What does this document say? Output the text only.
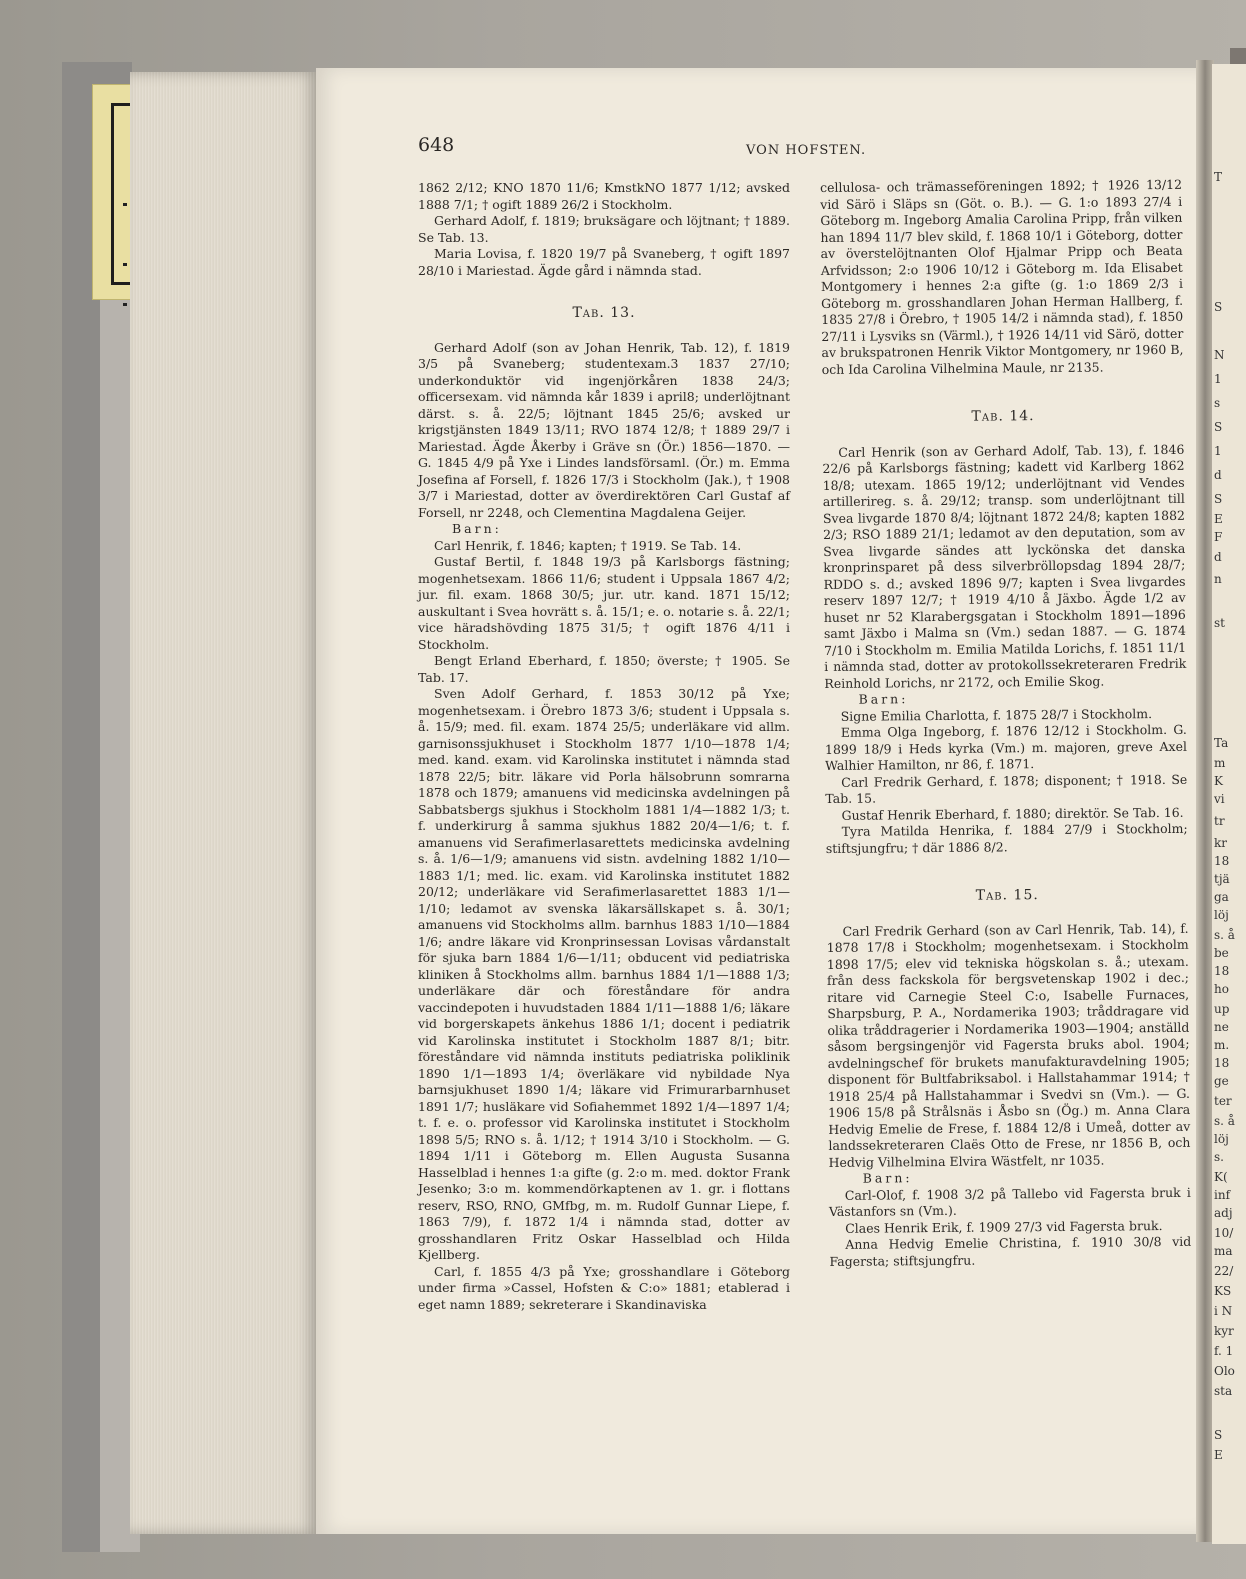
648	VON HOFSTEN.

1862 2/12; KNO 1870 11/6; KmstkNO 1877 1/12; avsked 1888 7/1; † ogift 1889 26/2 i Stockholm.

Gerhard Adolf, f. 1819; bruksägare och löjtnant; † 1889. Se Tab. 13.

Maria Lovisa, f. 1820 19/7 på Svaneberg, † ogift 1897 28/10 i Mariestad. Ägde gård i nämnda stad.

Tab. 13.

Gerhard Adolf (son av Johan Henrik, Tab. 12), f. 1819 3/5 på Svaneberg; studentexam.3 1837 27/10; underkonduktör vid ingenjörkåren 1838 24/3; officersexam. vid nämnda kår 1839 i april8; underlöjtnant därst. s. å. 22/5; löjtnant 1845 25/6; avsked ur krigstjänsten 1849 13/11; RVO 1874 12/8; † 1889 29/7 i Mariestad. Ägde Åkerby i Gräve sn (Ör.) 1856—1870. — G. 1845 4/9 på Yxe i Lindes landsförsaml. (Ör.) m. Emma Josefina af Forsell, f. 1826 17/3 i Stockholm (Jak.), † 1908 3/7 i Mariestad, dotter av överdirektören Carl Gustaf af Forsell, nr 2248, och Clementina Magdalena Geijer.

Barn:

Carl Henrik, f. 1846; kapten; † 1919. Se Tab. 14.

Gustaf Bertil, f. 1848 19/3 på Karlsborgs fästning; mogenhetsexam. 1866 11/6; student i Uppsala 1867 4/2; jur. fil. exam. 1868 30/5; jur. utr. kand. 1871 15/12; auskultant i Svea hovrätt s. å. 15/1; e. o. notarie s. å. 22/1; vice häradshövding 1875 31/5; † ogift 1876 4/11 i Stockholm.

Bengt Erland Eberhard, f. 1850; överste; † 1905. Se Tab. 17.

Sven Adolf Gerhard, f. 1853 30/12 på Yxe; mogenhetsexam. i Örebro 1873 3/6; student i Uppsala s. å. 15/9; med. fil. exam. 1874 25/5; underläkare vid allm. garnisonssjukhuset i Stockholm 1877 1/10—1878 1/4; med. kand. exam. vid Karolinska institutet i nämnda stad 1878 22/5; bitr. läkare vid Porla hälsobrunn somrarna 1878 och 1879; amanuens vid medicinska avdelningen på Sabbatsbergs sjukhus i Stockholm 1881 1/4—1882 1/3; t. f. underkirurg å samma sjukhus 1882 20/4—1/6; t. f. amanuens vid Serafimerlasarettets medicinska avdelning s. å. 1/6—1/9; amanuens vid sistn. avdelning 1882 1/10—1883 1/1; med. lic. exam. vid Karolinska institutet 1882 20/12; underläkare vid Serafimerlasarettet 1883 1/1—1/10; ledamot av svenska läkarsällskapet s. å. 30/1; amanuens vid Stockholms allm. barnhus 1883 1/10—1884 1/6; andre läkare vid Kronprinsessan Lovisas vårdanstalt för sjuka barn 1884 1/6—1/11; obducent vid pediatriska kliniken å Stockholms allm. barnhus 1884 1/1—1888 1/3; underläkare där och föreståndare för andra vaccindepoten i huvudstaden 1884 1/11—1888 1/6; läkare vid borgerskapets änkehus 1886 1/1; docent i pediatrik vid Karolinska institutet i Stockholm 1887 8/1; bitr. föreståndare vid nämnda instituts pediatriska poliklinik 1890 1/1—1893 1/4; överläkare vid nybildade Nya barnsjukhuset 1890 1/4; läkare vid Frimurarbarnhuset 1891 1/7; husläkare vid Sofiahemmet 1892 1/4—1897 1/4; t. f. e. o. professor vid Karolinska institutet i Stockholm 1898 5/5; RNO s. å. 1/12; † 1914 3/10 i Stockholm. — G. 1894 1/11 i Göteborg m. Ellen Augusta Susanna Hasselblad i hennes 1:a gifte (g. 2:o m. med. doktor Frank Jesenko; 3:o m. kommendörkaptenen av 1. gr. i flottans reserv, RSO, RNO, GMfbg, m. m. Rudolf Gunnar Liepe, f. 1863 7/9), f. 1872 1/4 i nämnda stad, dotter av grosshandlaren Fritz Oskar Hasselblad och Hilda Kjellberg.

Carl, f. 1855 4/3 på Yxe; grosshandlare i Göteborg under firma »Cassel, Hofsten & C:o» 1881; etablerad i eget namn 1889; sekreterare i Skandinaviska

cellulosa- och trämasseföreningen 1892; † 1926 13/12 vid Särö i Släps sn (Göt. o. B.). — G. 1:o 1893 27/4 i Göteborg m. Ingeborg Amalia Carolina Pripp, från vilken han 1894 11/7 blev skild, f. 1868 10/1 i Göteborg, dotter av överstelöjtnanten Olof Hjalmar Pripp och Beata Arfvidsson; 2:o 1906 10/12 i Göteborg m. Ida Elisabet Montgomery i hennes 2:a gifte (g. 1:o 1869 2/3 i Göteborg m. grosshandlaren Johan Herman Hallberg, f. 1835 27/8 i Örebro, † 1905 14/2 i nämnda stad), f. 1850 27/11 i Lysviks sn (Värml.), † 1926 14/11 vid Särö, dotter av brukspatronen Henrik Viktor Montgomery, nr 1960 B, och Ida Carolina Vilhelmina Maule, nr 2135.

Tab. 14.

Carl Henrik (son av Gerhard Adolf, Tab. 13), f. 1846 22/6 på Karlsborgs fästning; kadett vid Karlberg 1862 18/8; utexam. 1865 19/12; underlöjtnant vid Vendes artillerireg. s. å. 29/12; transp. som underlöjtnant till Svea livgarde 1870 8/4; löjtnant 1872 24/8; kapten 1882 2/3; RSO 1889 21/1; ledamot av den deputation, som av Svea livgarde sändes att lyckönska det danska kronprinsparet på dess silverbröllopsdag 1894 28/7; RDDO s. d.; avsked 1896 9/7; kapten i Svea livgardes reserv 1897 12/7; † 1919 4/10 å Jäxbo. Ägde 1/2 av huset nr 52 Klarabergsgatan i Stockholm 1891—1896 samt Jäxbo i Malma sn (Vm.) sedan 1887. — G. 1874 7/10 i Stockholm m. Emilia Matilda Lorichs, f. 1851 11/1 i nämnda stad, dotter av protokollssekreteraren Fredrik Reinhold Lorichs, nr 2172, och Emilie Skog.

Barn:

Signe Emilia Charlotta, f. 1875 28/7 i Stockholm.

Emma Olga Ingeborg, f. 1876 12/12 i Stockholm. G. 1899 18/9 i Heds kyrka (Vm.) m. majoren, greve Axel Walhier Hamilton, nr 86, f. 1871.

Carl Fredrik Gerhard, f. 1878; disponent; † 1918. Se Tab. 15.

Gustaf Henrik Eberhard, f. 1880; direktör. Se Tab. 16.

Tyra Matilda Henrika, f. 1884 27/9 i Stockholm; stiftsjungfru; † där 1886 8/2.

Tab. 15.

Carl Fredrik Gerhard (son av Carl Henrik, Tab. 14), f. 1878 17/8 i Stockholm; mogenhetsexam. i Stockholm 1898 17/5; elev vid tekniska högskolan s. å.; utexam. från dess fackskola för bergsvetenskap 1902 i dec.; ritare vid Carnegie Steel C:o, Isabelle Furnaces, Sharpsburg, P. A., Nordamerika 1903; tråddragare vid olika tråddragerier i Nordamerika 1903—1904; anställd såsom bergsingenjör vid Fagersta bruks abol. 1904; avdelningschef för brukets manufakturavdelning 1905; disponent för Bultfabriksabol. i Hallstahammar 1914; † 1918 25/4 på Hallstahammar i Svedvi sn (Vm.). — G. 1906 15/8 på Strålsnäs i Åsbo sn (Ög.) m. Anna Clara Hedvig Emelie de Frese, f. 1884 12/8 i Umeå, dotter av landssekreteraren Claës Otto de Frese, nr 1856 B, och Hedvig Vilhelmina Elvira Wästfelt, nr 1035.

Barn:

Carl-Olof, f. 1908 3/2 på Tallebo vid Fagersta bruk i Västanfors sn (Vm.).

Claes Henrik Erik, f. 1909 27/3 vid Fagersta bruk.

Anna Hedvig Emelie Christina, f. 1910 30/8 vid Fagersta; stiftsjungfru.

T
S
N
1
s
S
1
d
S
E
F
d
n
st
Ta
m
K
vi
tr
kr
18
tjä
ga
löj
s. å
be
18
ho
up
ne
m.
18
ge
ter
s. å
löj
s.
K(
inf
adj
10/
ma
22/
KS
i N
kyr
f. 1
Olo
sta
S
E
